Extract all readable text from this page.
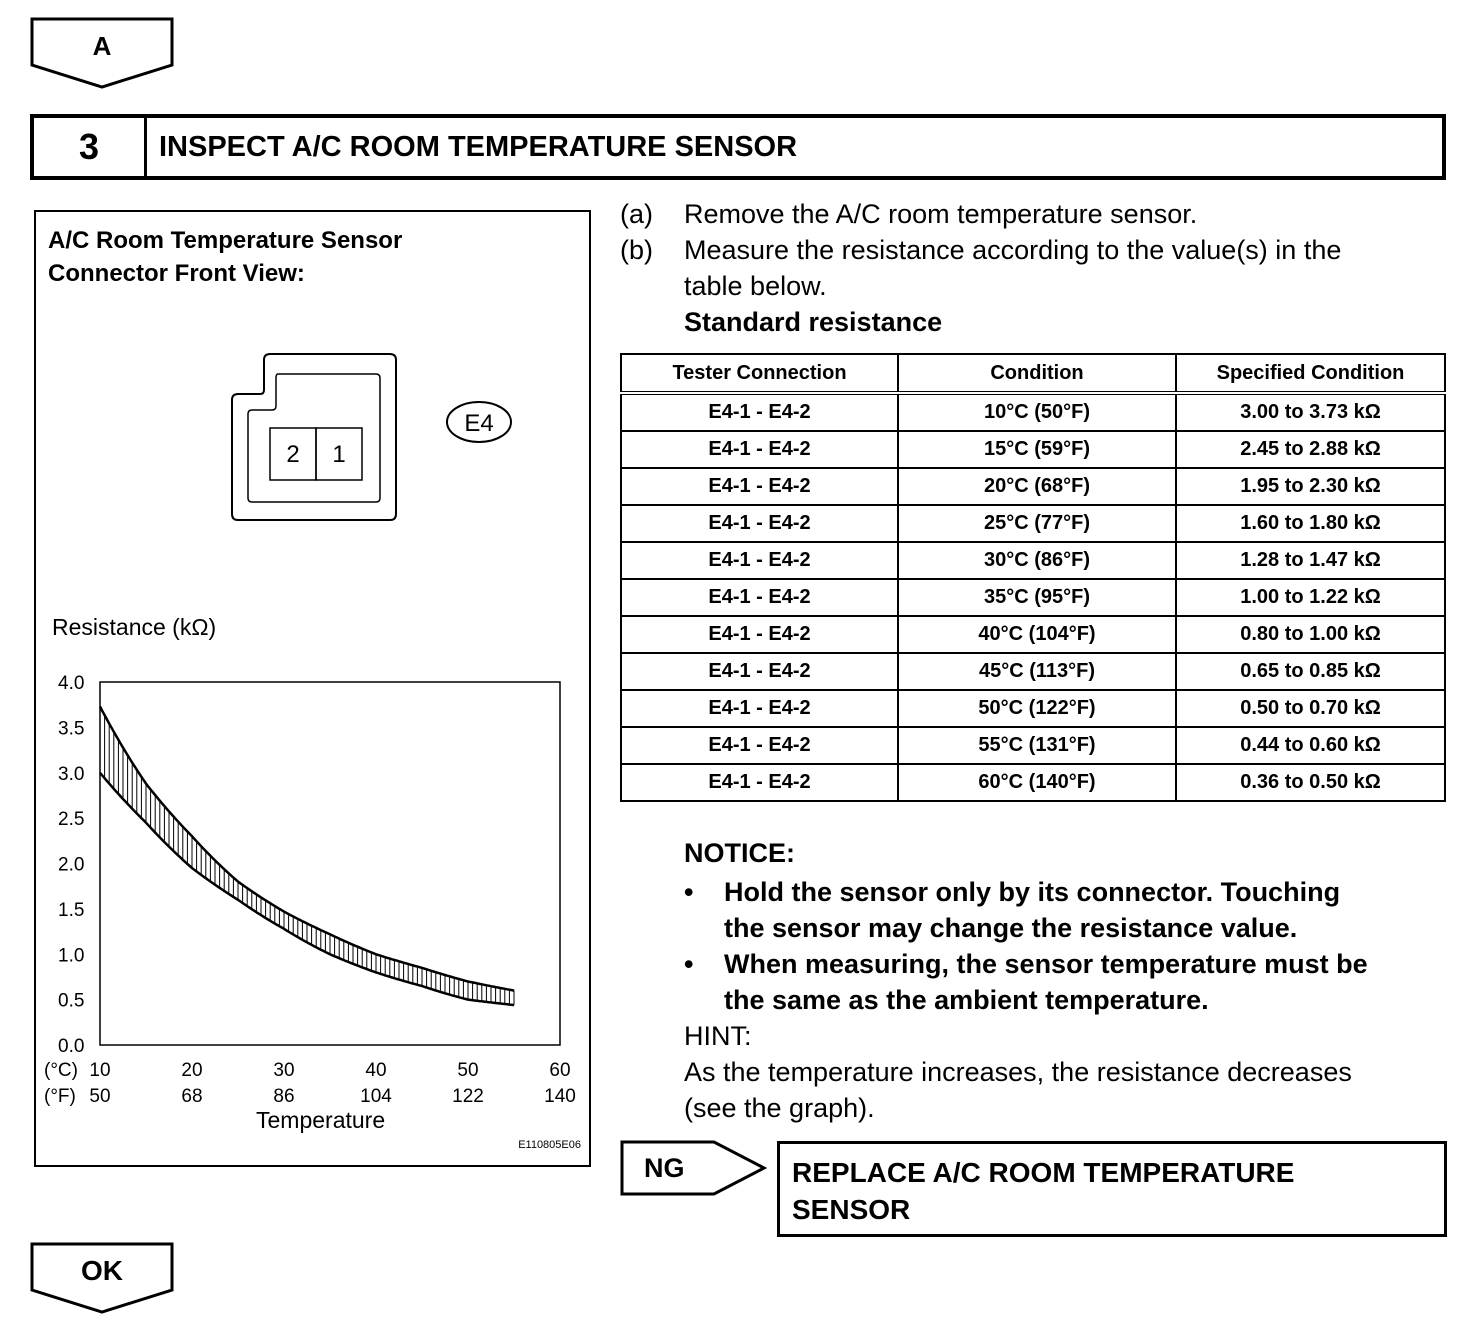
A
3	INSPECT A/C ROOM TEMPERATURE SENSOR
A/C Room Temperature Sensor
Connector Front View:
2 1
E4
Resistance (kΩ)
4.0
3.5
3.0
2.5
2.0
1.5
1.0
0.5
0.0
(°C)
(°F)
10
50
20
68
30
86
40
104
50
122
60
140
Temperature
E110805E06
(a) Remove the A/C room temperature sensor.
(b) Measure the resistance according to the value(s) in the
table below.
Standard resistance
Tester Connection	Condition	Specified Condition
E4-1 - E4-2	10°C (50°F)	3.00 to 3.73 kΩ
E4-1 - E4-2	15°C (59°F)	2.45 to 2.88 kΩ
E4-1 - E4-2	20°C (68°F)	1.95 to 2.30 kΩ
E4-1 - E4-2	25°C (77°F)	1.60 to 1.80 kΩ
E4-1 - E4-2	30°C (86°F)	1.28 to 1.47 kΩ
E4-1 - E4-2	35°C (95°F)	1.00 to 1.22 kΩ
E4-1 - E4-2	40°C (104°F)	0.80 to 1.00 kΩ
E4-1 - E4-2	45°C (113°F)	0.65 to 0.85 kΩ
E4-1 - E4-2	50°C (122°F)	0.50 to 0.70 kΩ
E4-1 - E4-2	55°C (131°F)	0.44 to 0.60 kΩ
E4-1 - E4-2	60°C (140°F)	0.36 to 0.50 kΩ
NOTICE:
• Hold the sensor only by its connector. Touching
the sensor may change the resistance value.
• When measuring, the sensor temperature must be
the same as the ambient temperature.
HINT:
As the temperature increases, the resistance decreases
(see the graph).
NG	REPLACE A/C ROOM TEMPERATURE
SENSOR
OK
